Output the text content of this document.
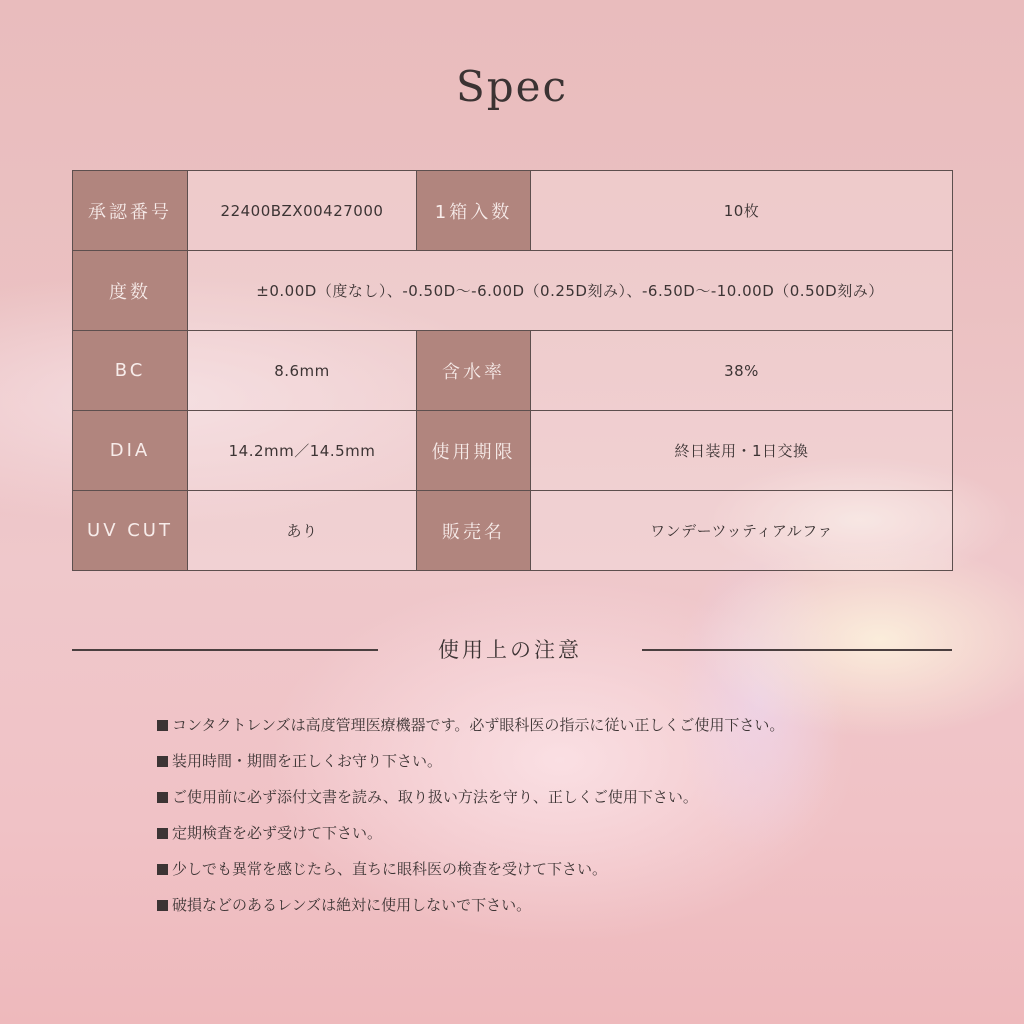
Spec
承認番号	22400BZX00427000	1箱入数	10枚
度数	±0.00D（度なし）、-0.50D〜-6.00D（0.25D刻み）、-6.50D〜-10.00D（0.50D刻み）		
BC	8.6mm	含水率	38%
DIA	14.2mm／14.5mm	使用期限	終日装用・1日交換
UV CUT	あり	販売名	ワンデーツッティアルファ
使用上の注意
コンタクトレンズは高度管理医療機器です。必ず眼科医の指示に従い正しくご使用下さい。
装用時間・期間を正しくお守り下さい。
ご使用前に必ず添付文書を読み、取り扱い方法を守り、正しくご使用下さい。
定期検査を必ず受けて下さい。
少しでも異常を感じたら、直ちに眼科医の検査を受けて下さい。
破損などのあるレンズは絶対に使用しないで下さい。
